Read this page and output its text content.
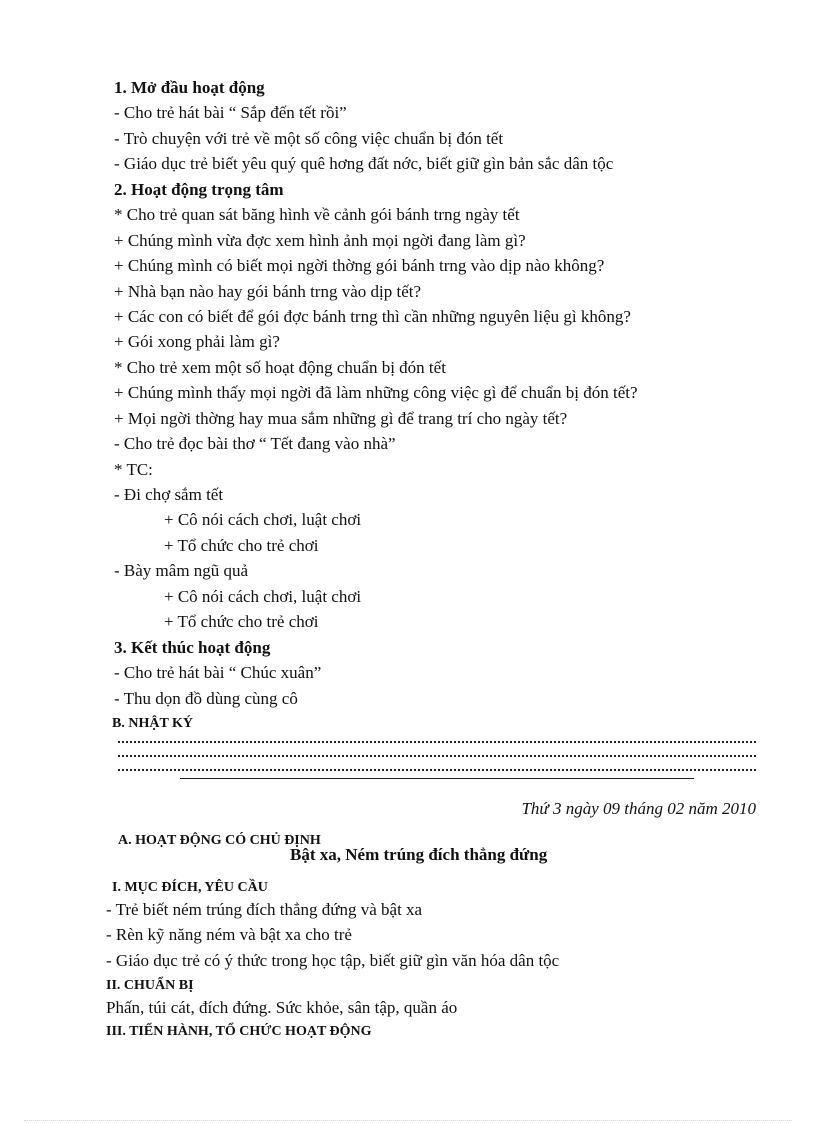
1. Mở đầu hoạt động
- Cho trẻ hát bài “ Sắp đến tết rồi”
- Trò chuyện với trẻ về một số công việc chuẩn bị đón tết
- Giáo dục trẻ biết yêu quý quê hơng đất nớc, biết giữ gìn bản sắc dân tộc
2. Hoạt động trọng tâm
* Cho trẻ quan sát băng hình về cảnh gói bánh trng ngày tết
+ Chúng mình vừa đợc xem hình ảnh mọi ngời đang làm gì?
+ Chúng mình có biết mọi ngời thờng gói bánh trng vào dịp nào không?
+ Nhà bạn nào hay gói bánh trng vào dịp tết?
+ Các con có biết để gói đợc bánh trng thì cần những nguyên liệu gì không?
+ Gói xong phải làm gì?
* Cho trẻ xem một số hoạt động chuẩn bị đón tết
+ Chúng mình thấy mọi ngời đã làm những công việc gì để chuẩn bị đón tết?
+ Mọi ngời thờng hay mua sắm những gì để trang trí cho ngày tết?
- Cho trẻ đọc bài thơ “ Tết đang vào nhà”
* TC:
- Đi chợ sắm tết
+ Cô nói cách chơi, luật chơi
+ Tổ chức cho trẻ chơi
- Bày mâm ngũ quả
+ Cô nói cách chơi, luật chơi
+ Tổ chức cho trẻ chơi
3. Kết thúc hoạt động
- Cho trẻ hát bài “ Chúc xuân”
- Thu dọn đồ dùng cùng cô
B. NHẬT KÝ
Thứ 3 ngày 09 tháng 02 năm 2010
A. HOẠT ĐỘNG CÓ CHỦ ĐỊNH
Bật xa, Ném trúng đích thẳng đứng
I. MỤC ĐÍCH, YÊU CẦU
- Trẻ biết ném trúng đích thẳng đứng và bật xa
- Rèn kỹ năng ném và bật xa cho trẻ
- Giáo dục trẻ có ý thức trong học tập, biết giữ gìn văn hóa dân tộc
II. CHUẨN BỊ
Phấn, túi cát, đích đứng. Sức khỏe, sân tập, quần áo
III. TIẾN HÀNH, TỔ CHỨC HOẠT ĐỘNG
